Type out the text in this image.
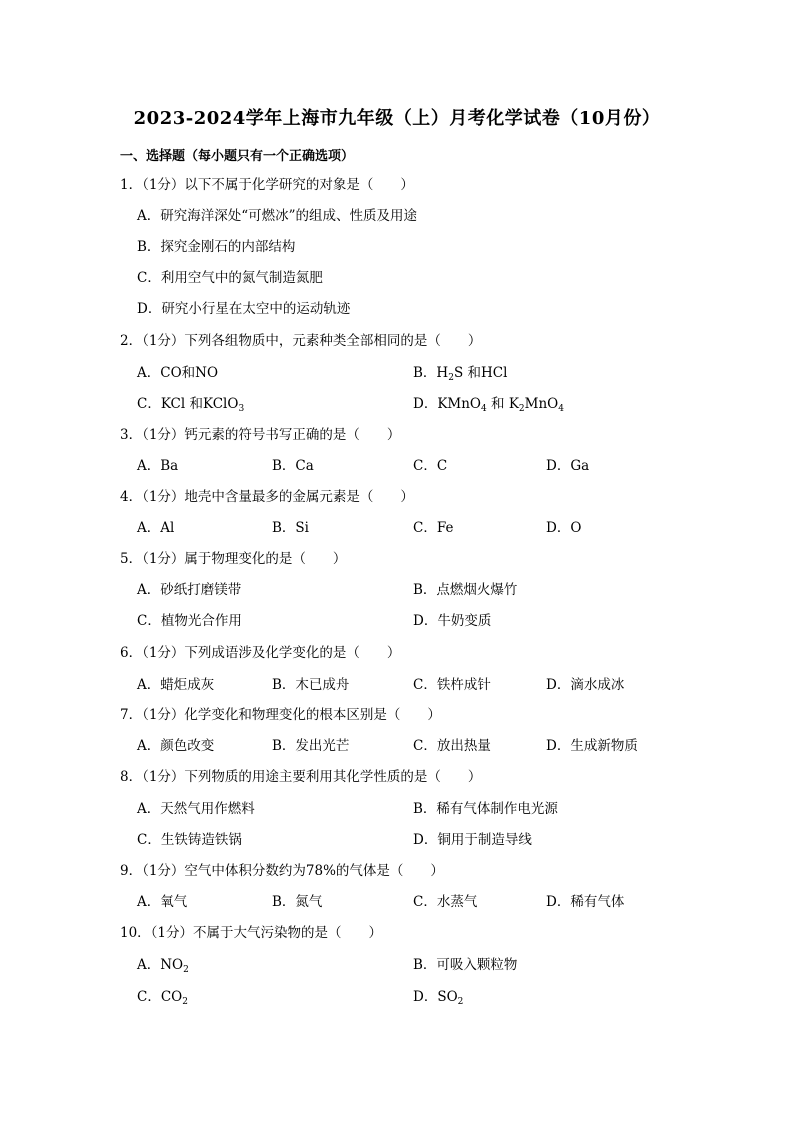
2023-2024学年上海市九年级（上）月考化学试卷（10月份）
一、选择题（每小题只有一个正确选项）
1．（1分）以下不属于化学研究的对象是（　　）
A．研究海洋深处“可燃冰”的组成、性质及用途
B．探究金刚石的内部结构
C．利用空气中的氮气制造氮肥
D．研究小行星在太空中的运动轨迹
2．（1分）下列各组物质中，元素种类全部相同的是（　　）
A．CO和NO	B．$H_2S$ 和HCl
C．KCl 和KClO$_3$	D．KMnO$_4$ 和 $K_2MnO_4$
3．（1分）钙元素的符号书写正确的是（　　）
A．Ba	B．Ca	C．C	D．Ga
4．（1分）地壳中含量最多的金属元素是（　　）
A．Al	B．Si	C．Fe	D．O
5．（1分）属于物理变化的是（　　）
A．砂纸打磨镁带	B．点燃烟火爆竹
C．植物光合作用	D．牛奶变质
6．（1分）下列成语涉及化学变化的是（　　）
A．蜡炬成灰	B．木已成舟	C．铁杵成针	D．滴水成冰
7．（1分）化学变化和物理变化的根本区别是（　　）
A．颜色改变	B．发出光芒	C．放出热量	D．生成新物质
8．（1分）下列物质的用途主要利用其化学性质的是（　　）
A．天然气用作燃料	B．稀有气体制作电光源
C．生铁铸造铁锅	D．铜用于制造导线
9．（1分）空气中体积分数约为78%的气体是（　　）
A．氧气	B．氮气	C．水蒸气	D．稀有气体
10．（1分）不属于大气污染物的是（　　）
A．$NO_2$	B．可吸入颗粒物
C．$CO_2$	D．$SO_2$
